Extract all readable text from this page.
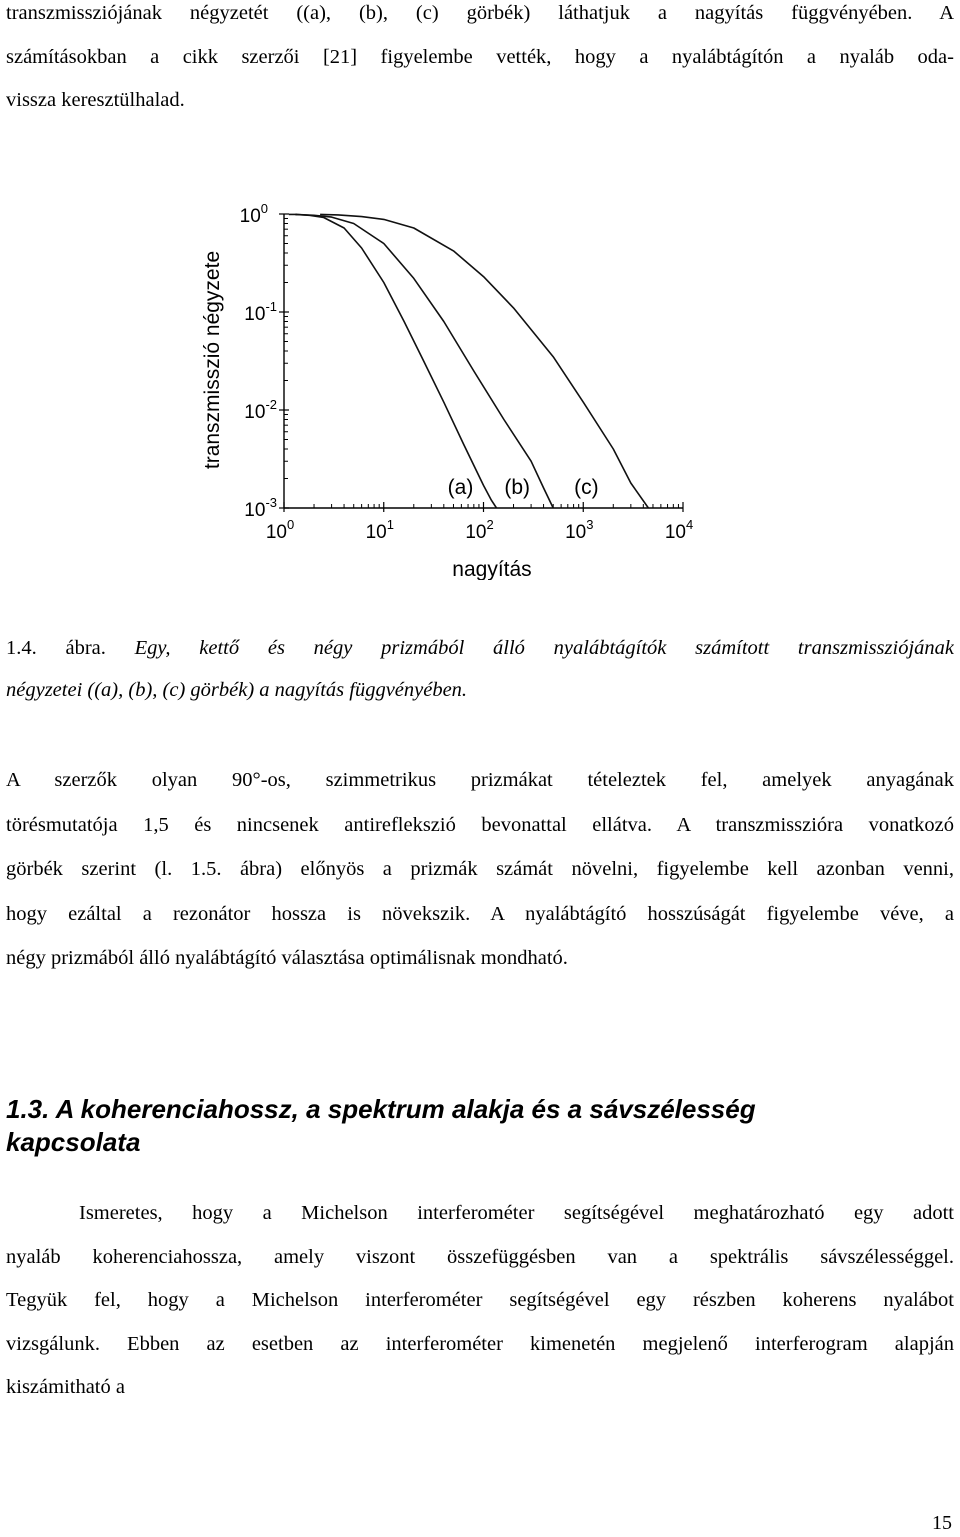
transzmissziójának négyzetét ((a), (b), (c) görbék) láthatjuk a nagyítás függvényében. A
számításokban a cikk szerzői [21] figyelembe vették, hogy a nyalábtágítón a nyaláb oda-
vissza keresztülhalad.
$10^0$	$10^1$	$10^2$	$10^3$	$10^4$
$10^0$
$10^{-1}$
$10^{-2}$
$10^{-3}$
(a) (b) (c)
nagyítás
transzmisszió négyzete
1.4. ábra. Egy, kettő és négy prizmából álló nyalábtágítók számított transzmissziójának
négyzetei ((a), (b), (c) görbék) a nagyítás függvényében.
A szerzők olyan 90°-os, szimmetrikus prizmákat tételeztek fel, amelyek anyagának
törésmutatója 1,5 és nincsenek antireflekszió bevonattal ellátva. A transzmisszióra vonatkozó
görbék szerint (l. 1.5. ábra) előnyös a prizmák számát növelni, figyelembe kell azonban venni,
hogy ezáltal a rezonátor hossza is növekszik. A nyalábtágító hosszúságát figyelembe véve, a
négy prizmából álló nyalábtágító választása optimálisnak mondható.
1.3. A koherenciahossz, a spektrum alakja és a sávszélesség
kapcsolata
Ismeretes, hogy a Michelson interferométer segítségével meghatározható egy adott
nyaláb koherenciahossza, amely viszont összefüggésben van a spektrális sávszélességgel.
Tegyük fel, hogy a Michelson interferométer segítségével egy részben koherens nyalábot
vizsgálunk. Ebben az esetben az interferométer kimenetén megjelenő interferogram alapján
kiszámitható a
15
